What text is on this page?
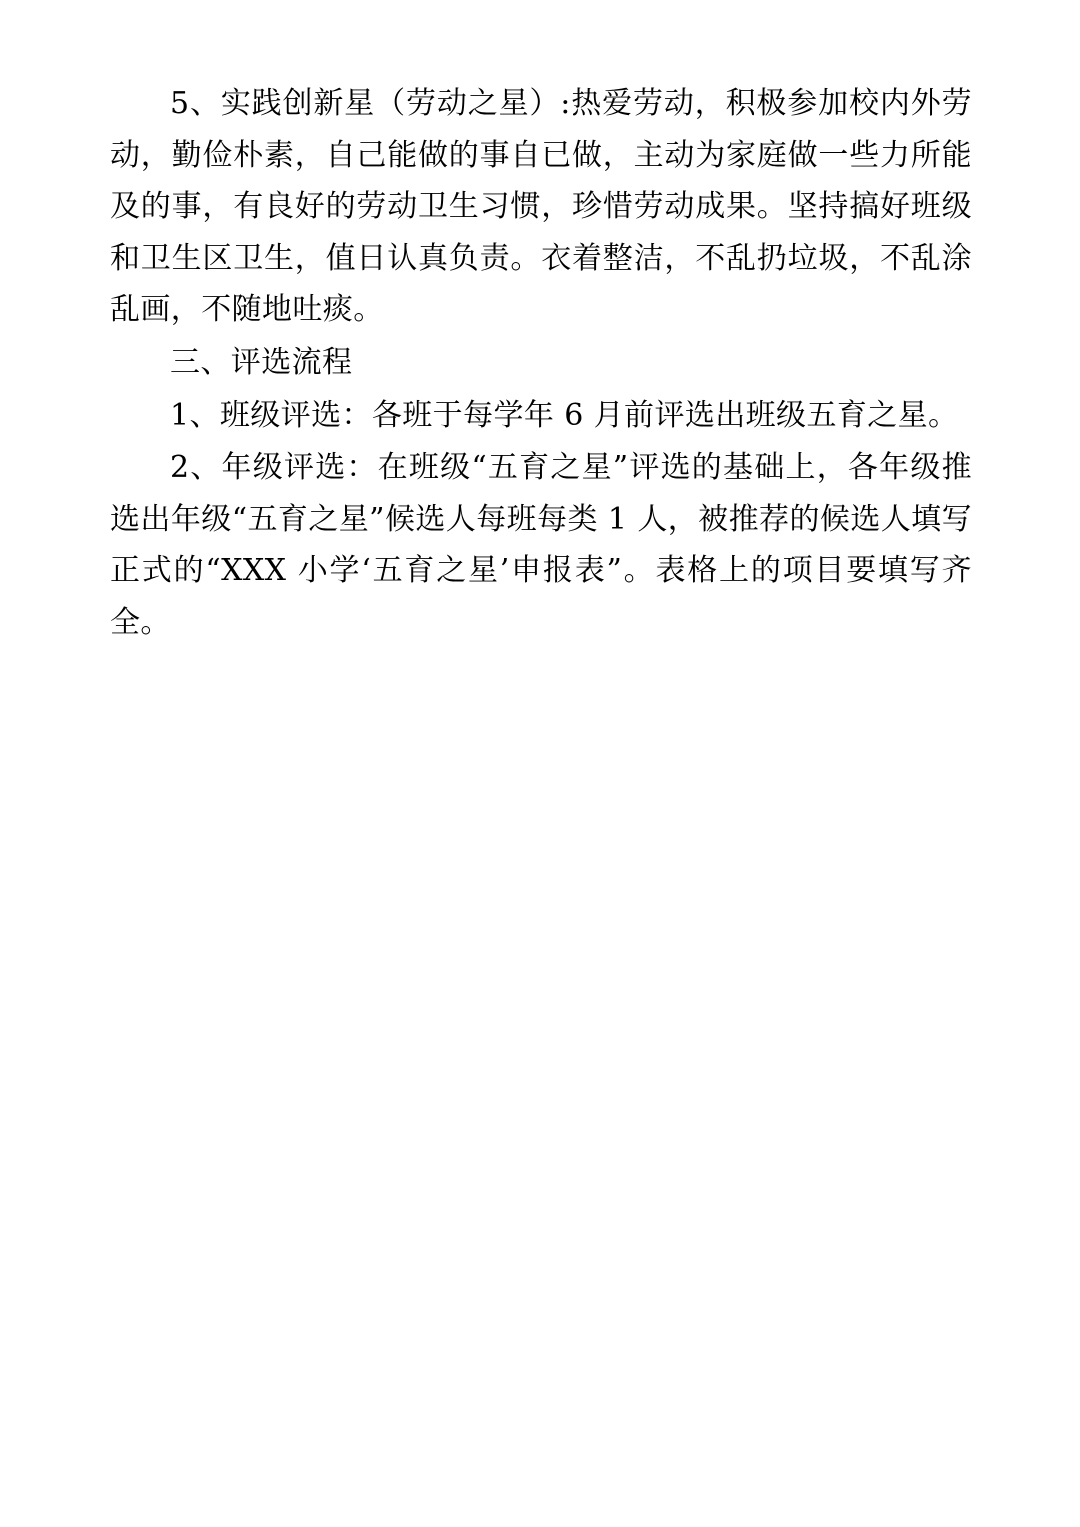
5、实践创新星（劳动之星）:热爱劳动，积极参加校内外劳动，勤俭朴素，自己能做的事自已做，主动为家庭做一些力所能及的事，有良好的劳动卫生习惯，珍惜劳动成果。坚持搞好班级和卫生区卫生，值日认真负责。衣着整洁，不乱扔垃圾，不乱涂乱画，不随地吐痰。

三、评选流程

1、班级评选：各班于每学年 6 月前评选出班级五育之星。

2、年级评选：在班级“五育之星”评选的基础上，各年级推选出年级“五育之星”候选人每班每类 1 人，被推荐的候选人填写正式的“XXX 小学‘五育之星’申报表”。表格上的项目要填写齐全。
